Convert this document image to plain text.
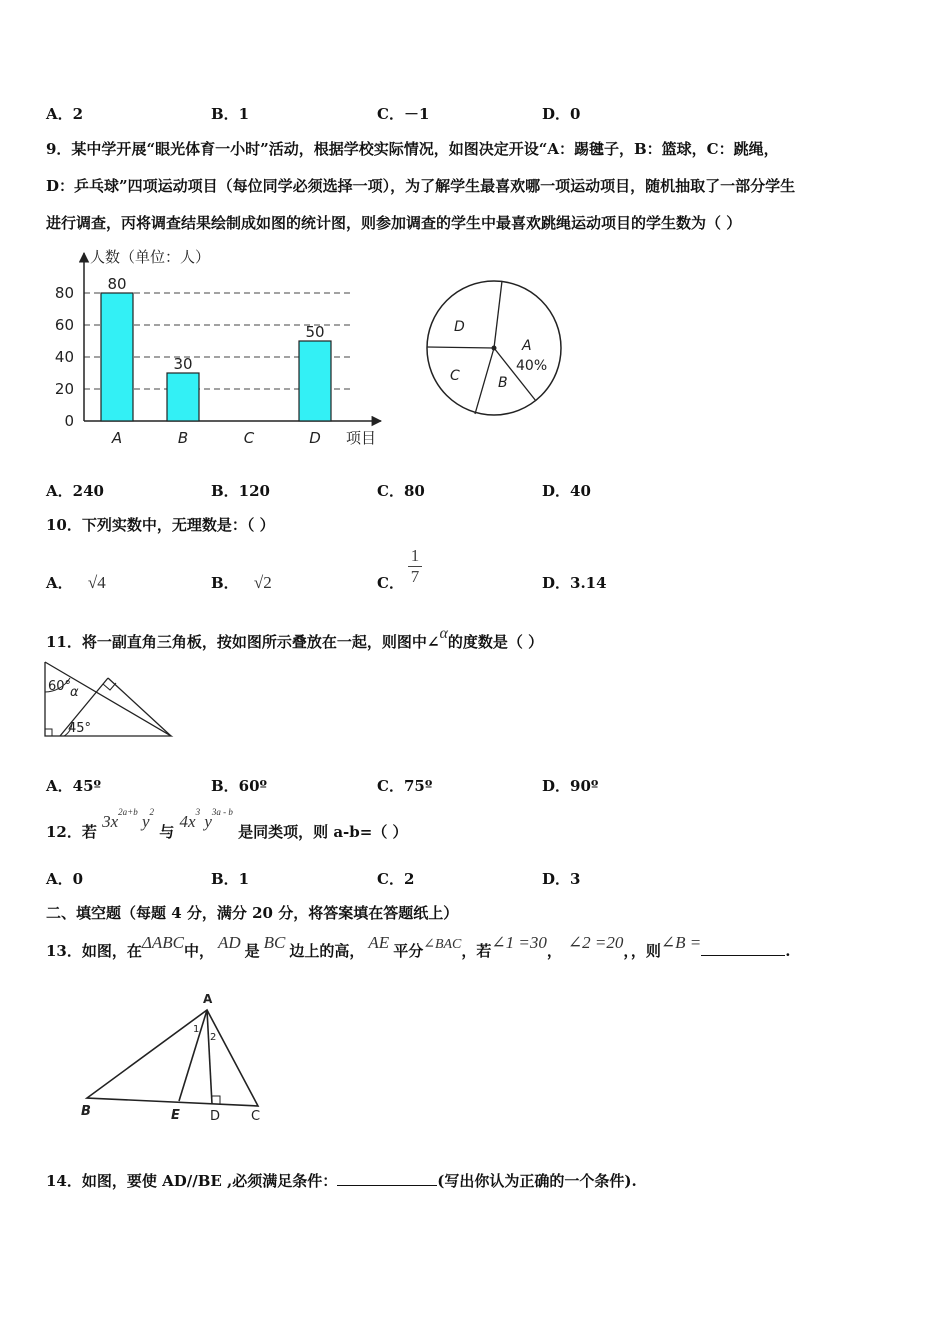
A．2	B．1	C．－1	D．0
9．某中学开展“眼光体育一小时”活动，根据学校实际情况，如图决定开设“A：踢毽子，B：篮球，C：跳绳，
D：乒乓球”四项运动项目（每位同学必须选择一项），为了解学生最喜欢哪一项运动项目，随机抽取了一部分学生
进行调查，丙将调查结果绘制成如图的统计图，则参加调查的学生中最喜欢跳绳运动项目的学生数为（ ）
人数（单位：人）
项目
0
20
40
60
80
A	B	C	D
80
30
50
A
40%
B
C
D
A．240	B．120	C．80	D．40
10．下列实数中，无理数是：（ ）
A． √4	B． √2	C．
1
7	D．3.14
11．将一副直角三角板，按如图所示叠放在一起，则图中∠α的度数是（ ）
60°
α
45°
A．45º	B．60º	C．75º	D．90º
12．若 $3x^{2a+b}$ $y^2$ 与 $4x^3$ $y^{3a - b}$ 是同类项，则 a-b=（ ）
A．0	B．1	C．2	D．3
二、填空题（每题 4 分，满分 20 分，将答案填在答题纸上）
13．如图，在ΔABC中， AD 是 BC 边上的高， AE 平分∠BAC，若∠1 =30， ∠2 =20，，则∠B =	.
A
B	E D C
1
2
14．如图，要使 AD//BE ,必须满足条件：	(写出你认为正确的一个条件).
